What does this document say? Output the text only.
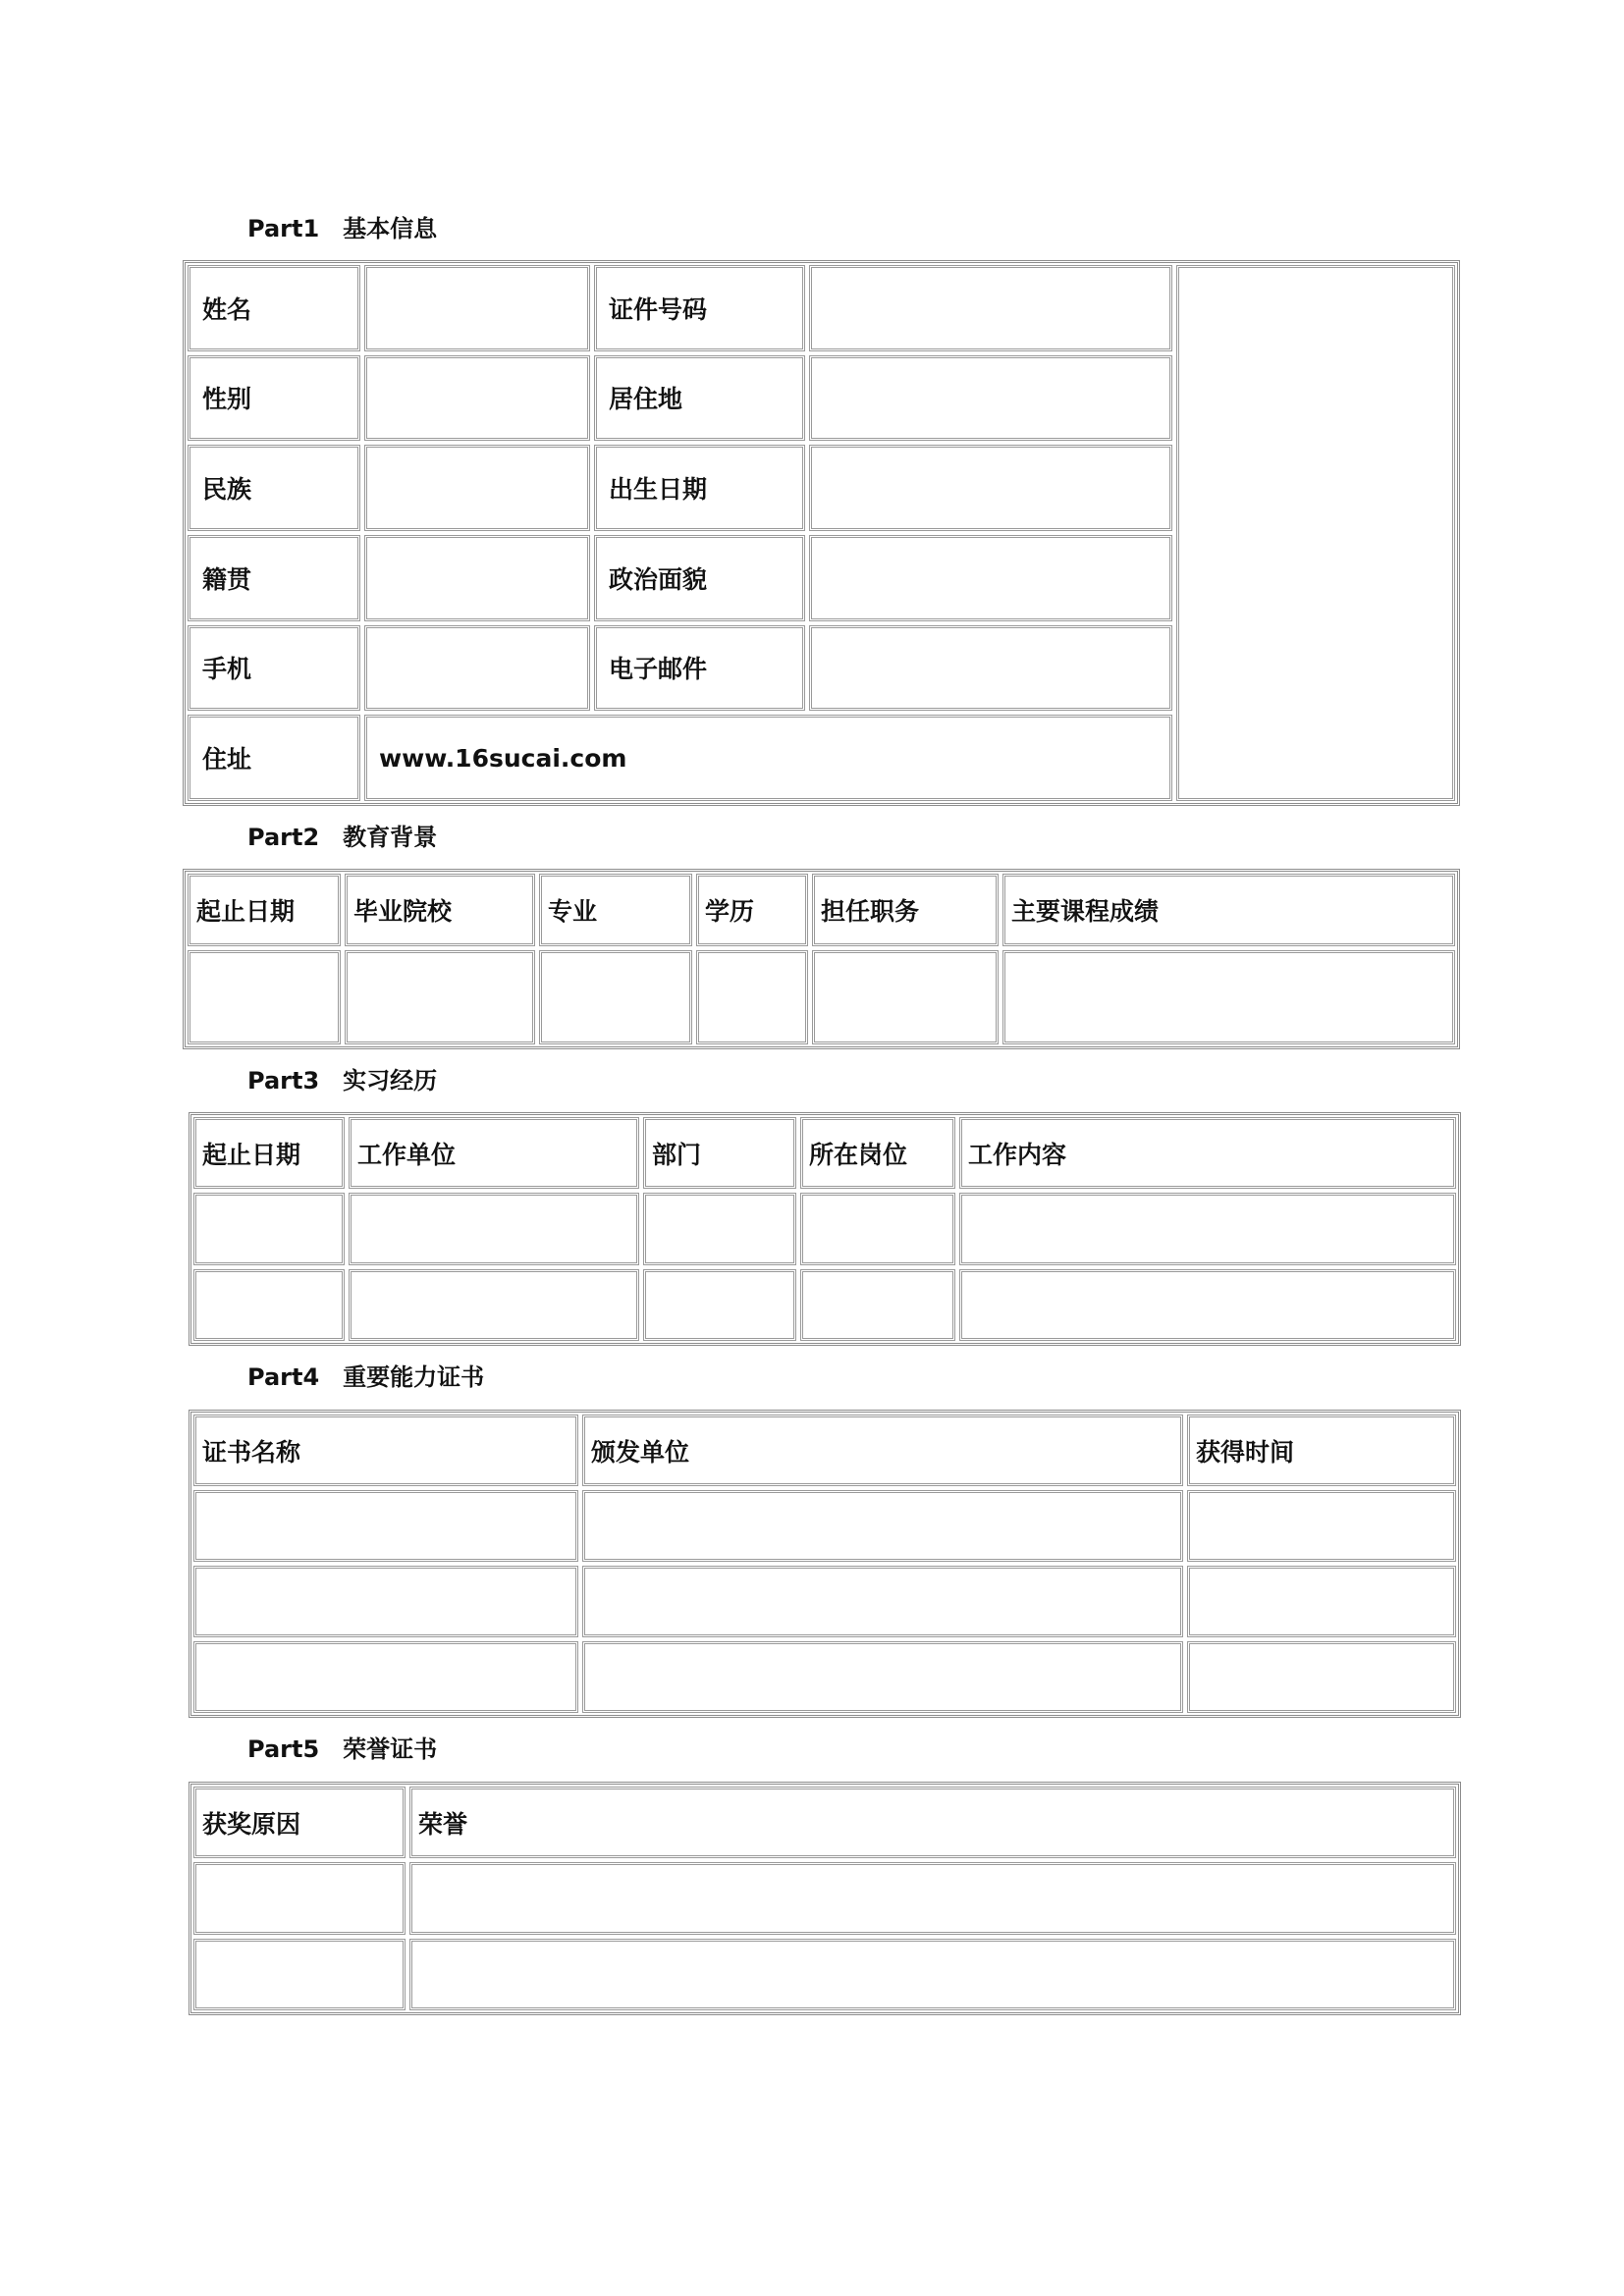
Part1　基本信息
姓名	证件号码
性别	居住地
民族	出生日期
籍贯	政治面貌
手机	电子邮件
住址	www.16sucai.com
Part2　教育背景
起止日期	毕业院校	专业	学历	担任职务	主要课程成绩
Part3　实习经历
起止日期	工作单位	部门	所在岗位	工作内容
Part4　重要能力证书
证书名称	颁发单位	获得时间
Part5　荣誉证书
获奖原因	荣誉
